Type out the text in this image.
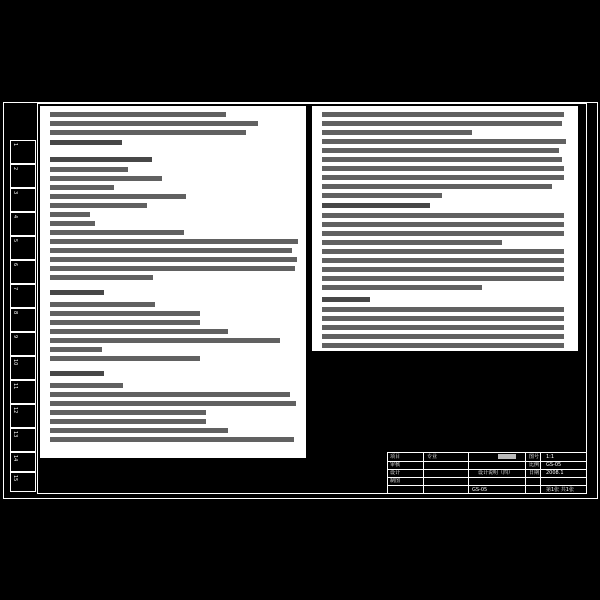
1
2
3
4
5
6
7
8
9
10
11
12
13
14
15
项目
审核
设计
制图
专业
设计说明（四）
GS-05
图号
比例
日期
1:1
GS-05
2008.1
第1张 共1张
